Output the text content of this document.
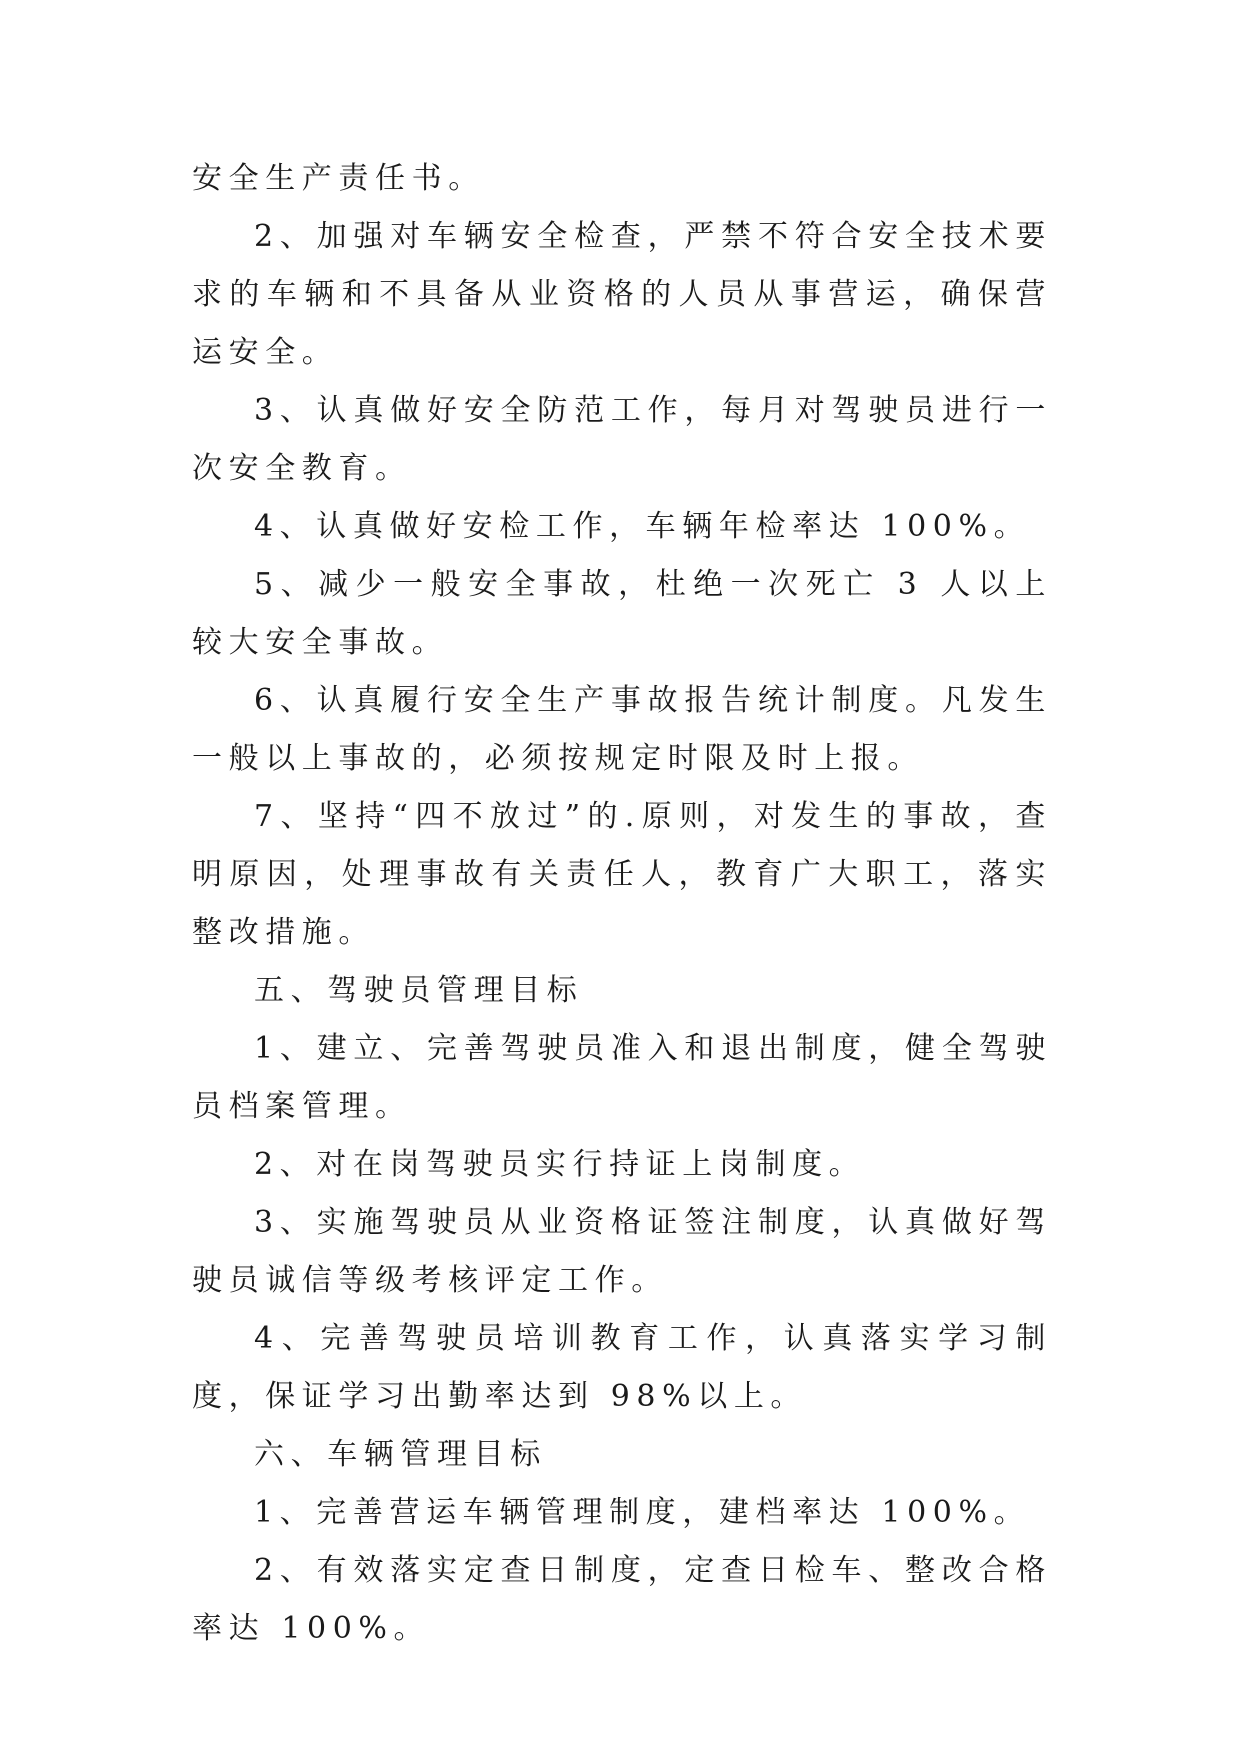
安全生产责任书。

2、加强对车辆安全检查，严禁不符合安全技术要求的车辆和不具备从业资格的人员从事营运，确保营运安全。

3、认真做好安全防范工作，每月对驾驶员进行一次安全教育。

4、认真做好安检工作，车辆年检率达 100%。

5、减少一般安全事故，杜绝一次死亡 3 人以上较大安全事故。

6、认真履行安全生产事故报告统计制度。凡发生一般以上事故的，必须按规定时限及时上报。

7、坚持“四不放过”的.原则，对发生的事故，查明原因，处理事故有关责任人，教育广大职工，落实整改措施。

五、驾驶员管理目标

1、建立、完善驾驶员准入和退出制度，健全驾驶员档案管理。

2、对在岗驾驶员实行持证上岗制度。

3、实施驾驶员从业资格证签注制度，认真做好驾驶员诚信等级考核评定工作。

4、完善驾驶员培训教育工作，认真落实学习制度，保证学习出勤率达到 98%以上。

六、车辆管理目标

1、完善营运车辆管理制度，建档率达 100%。

2、有效落实定查日制度，定查日检车、整改合格率达 100%。
